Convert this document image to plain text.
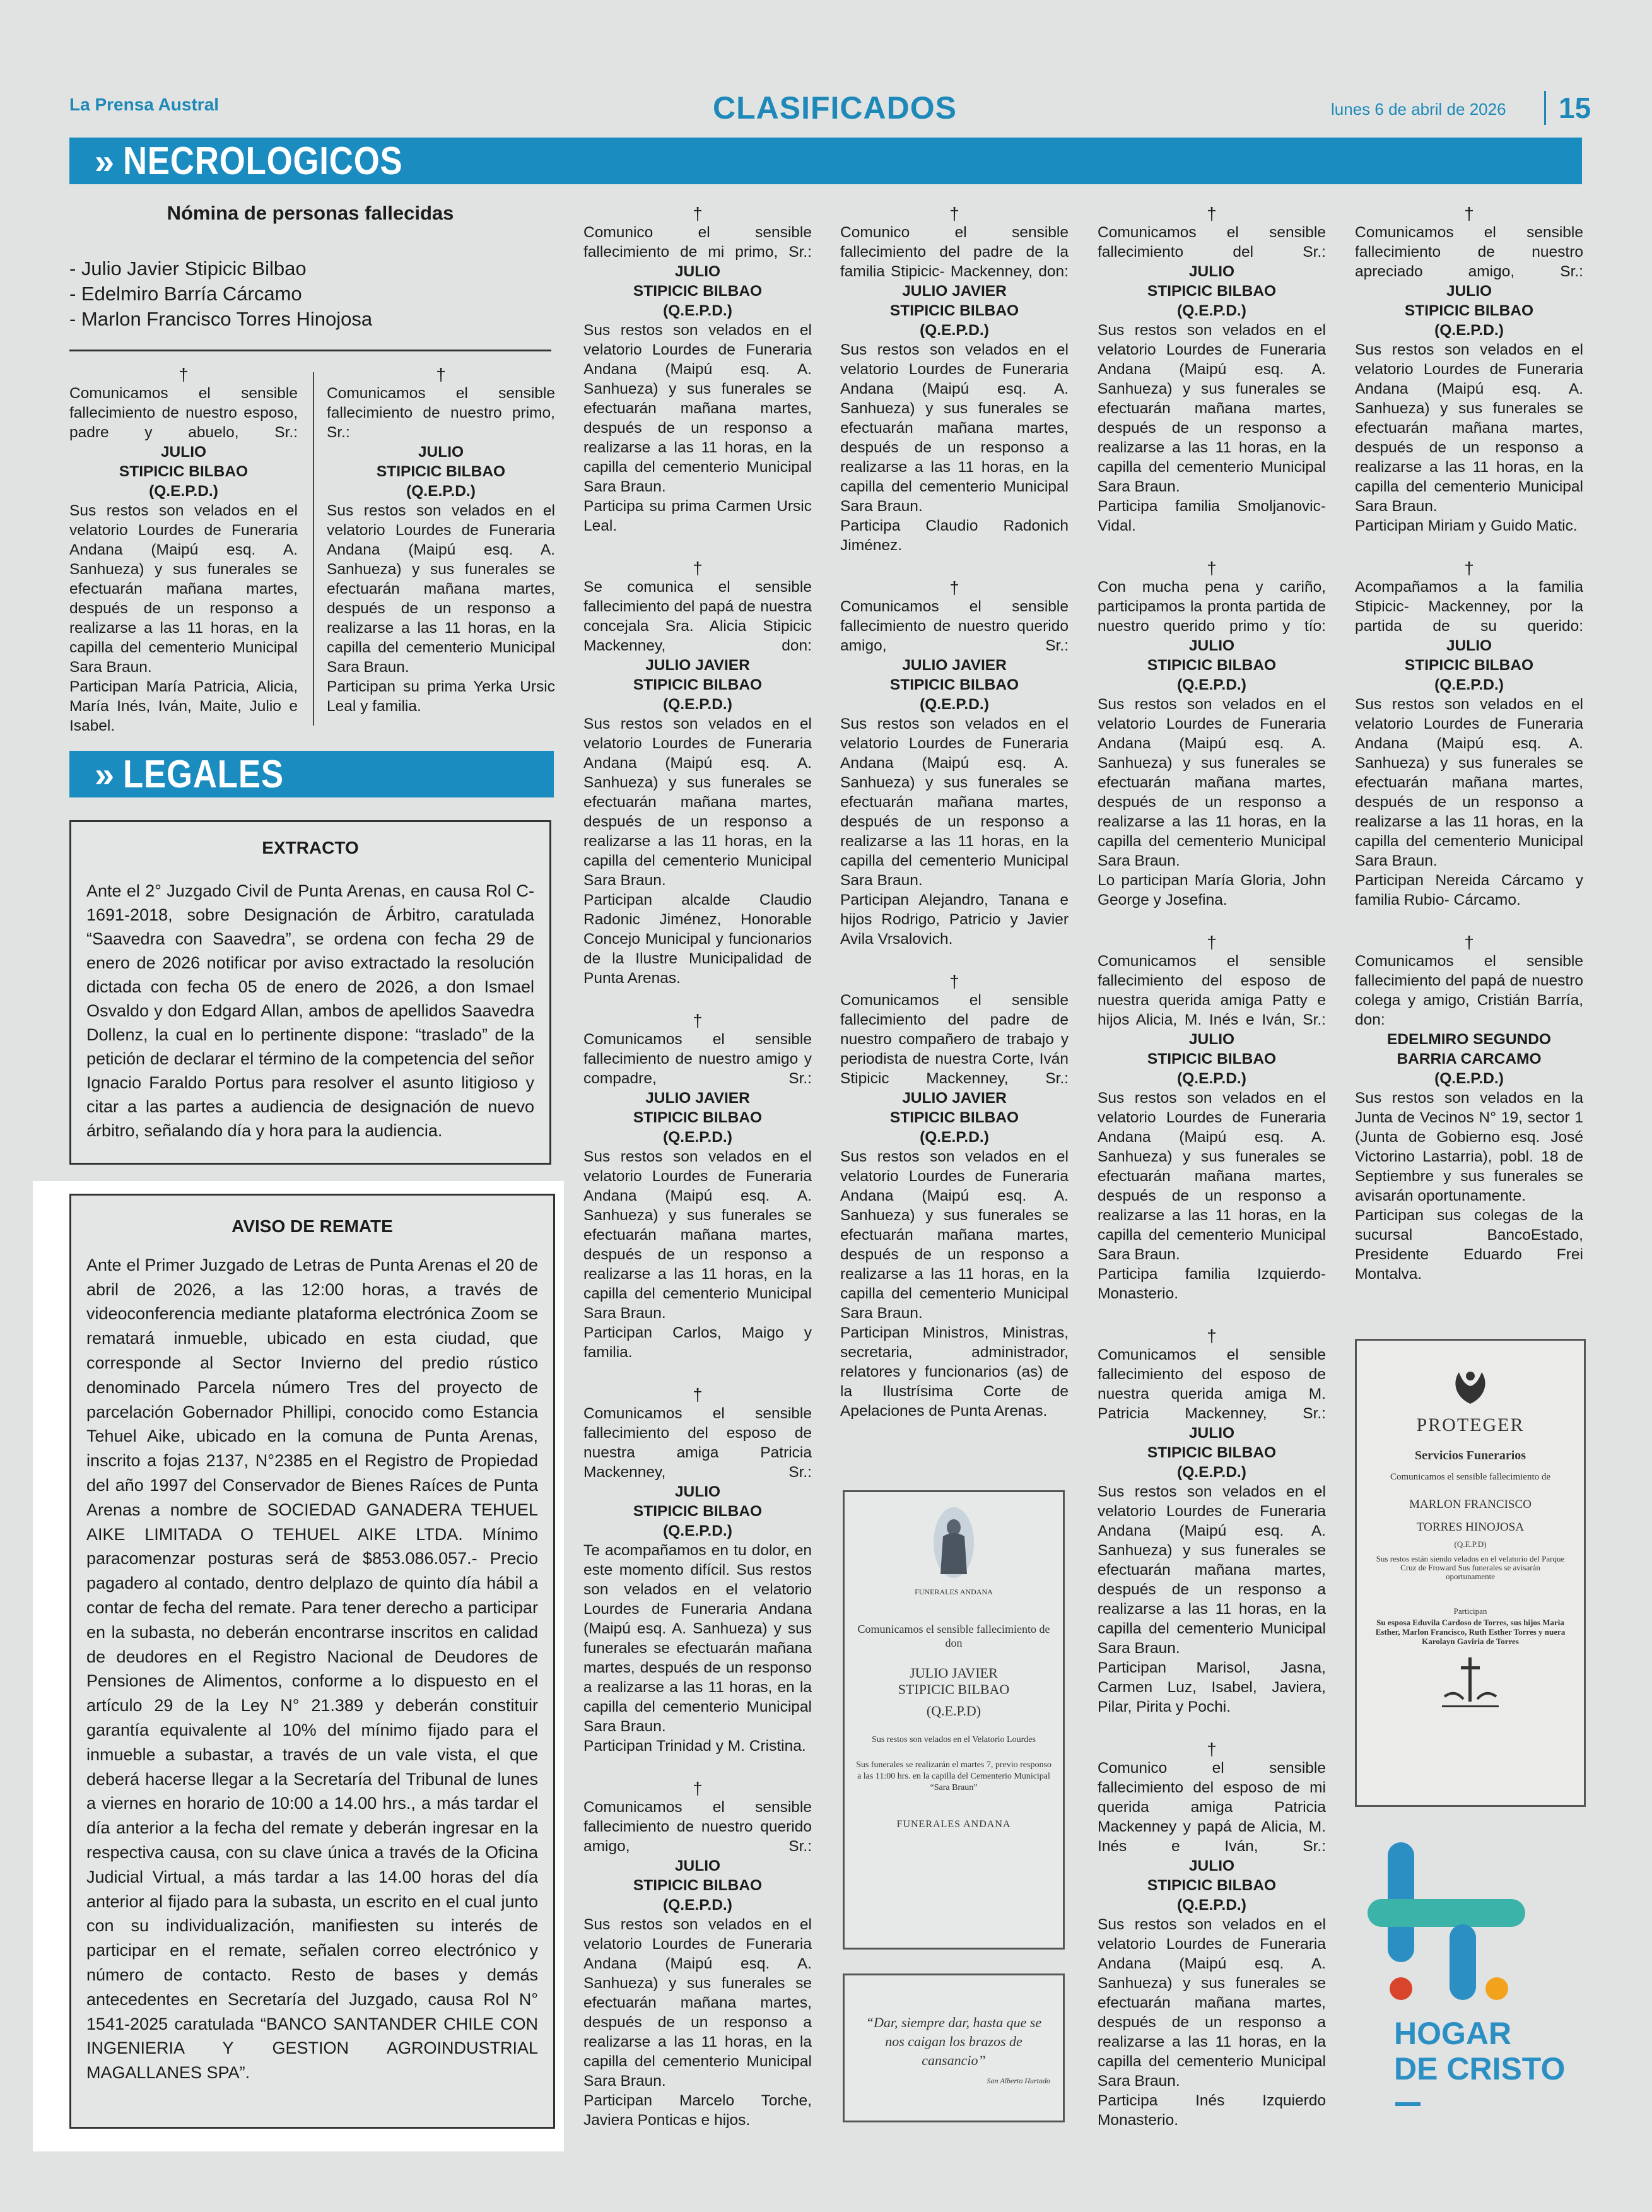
La Prensa Austral	CLASIFICADOS	lunes 6 de abril de 2026	15
» NECROLOGICOS
Nómina de personas fallecidas
- Julio Javier Stipicic Bilbao
- Edelmiro Barría Cárcamo
- Marlon Francisco Torres Hinojosa
†
Comunicamos el sensible fallecimiento de nuestro esposo, padre y abuelo, Sr.:
JULIO
STIPICIC BILBAO
(Q.E.P.D.)
Sus restos son velados en el velatorio Lourdes de Funeraria Andana (Maipú esq. A. Sanhueza) y sus funerales se efectuarán mañana martes, después de un responso a realizarse a las 11 horas, en la capilla del cementerio Municipal Sara Braun.
Participan María Patricia, Alicia, María Inés, Iván, Maite, Julio e Isabel.
†
Comunicamos el sensible fallecimiento de nuestro primo, Sr.:
JULIO
STIPICIC BILBAO
(Q.E.P.D.)
Sus restos son velados en el velatorio Lourdes de Funeraria Andana (Maipú esq. A. Sanhueza) y sus funerales se efectuarán mañana martes, después de un responso a realizarse a las 11 horas, en la capilla del cementerio Municipal Sara Braun.
Participan su prima Yerka Ursic Leal y familia.
» LEGALES
EXTRACTO

Ante el 2° Juzgado Civil de Punta Arenas, en causa Rol C-1691-2018, sobre Designación de Árbitro, caratulada “Saavedra con Saavedra”, se ordena con fecha 29 de enero de 2026 notificar por aviso extractado la resolución dictada con fecha 05 de enero de 2026, a don Ismael Osvaldo y don Edgard Allan, ambos de apellidos Saavedra Dollenz, la cual en lo pertinente dispone: “traslado” de la petición de declarar el término de la competencia del señor Ignacio Faraldo Portus para resolver el asunto litigioso y citar a las partes a audiencia de designación de nuevo árbitro, señalando día y hora para la audiencia.

AVISO DE REMATE

Ante el Primer Juzgado de Letras de Punta Arenas el 20 de abril de 2026, a las 12:00 horas, a través de videoconferencia mediante plataforma electrónica Zoom se rematará inmueble, ubicado en esta ciudad, que corresponde al Sector Invierno del predio rústico denominado Parcela número Tres del proyecto de parcelación Gobernador Phillipi, conocido como Estancia Tehuel Aike, ubicado en la comuna de Punta Arenas, inscrito a fojas 2137, N°2385 en el Registro de Propiedad del año 1997 del Conservador de Bienes Raíces de Punta Arenas a nombre de SOCIEDAD GANADERA TEHUEL AIKE LIMITADA O TEHUEL AIKE LTDA. Mínimo paracomenzar posturas será de $853.086.057.- Precio pagadero al contado, dentro delplazo de quinto día hábil a contar de fecha del remate. Para tener derecho a participar en la subasta, no deberán encontrarse inscritos en calidad de deudores en el Registro Nacional de Deudores de Pensiones de Alimentos, conforme a lo dispuesto en el artículo 29 de la Ley N° 21.389 y deberán constituir garantía equivalente al 10% del mínimo fijado para el inmueble a subastar, a través de un vale vista, el que deberá hacerse llegar a la Secretaría del Tribunal de lunes a viernes en horario de 10:00 a 14.00 hrs., a más tardar el día anterior a la fecha del remate y deberán ingresar en la respectiva causa, con su clave única a través de la Oficina Judicial Virtual, a más tardar a las 14.00 horas del día anterior al fijado para la subasta, un escrito en el cual junto con su individualización, manifiesten su interés de participar en el remate, señalen correo electrónico y número de contacto. Resto de bases y demás antecedentes en Secretaría del Juzgado, causa Rol N° 1541-2025 caratulada “BANCO SANTANDER CHILE CON INGENIERIA Y GESTION AGROINDUSTRIAL MAGALLANES SPA”.

†
Comunico el sensible fallecimiento de mi primo, Sr.:
JULIO
STIPICIC BILBAO
(Q.E.P.D.)
Sus restos son velados en el velatorio Lourdes de Funeraria Andana (Maipú esq. A. Sanhueza) y sus funerales se efectuarán mañana martes, después de un responso a realizarse a las 11 horas, en la capilla del cementerio Municipal Sara Braun.
Participa su prima Carmen Ursic Leal.
†
Se comunica el sensible fallecimiento del papá de nuestra concejala Sra. Alicia Stipicic Mackenney, don:
JULIO JAVIER
STIPICIC BILBAO
(Q.E.P.D.)
Sus restos son velados en el velatorio Lourdes de Funeraria Andana (Maipú esq. A. Sanhueza) y sus funerales se efectuarán mañana martes, después de un responso a realizarse a las 11 horas, en la capilla del cementerio Municipal Sara Braun.
Participan alcalde Claudio Radonic Jiménez, Honorable Concejo Municipal y funcionarios de la Ilustre Municipalidad de Punta Arenas.
†
Comunicamos el sensible fallecimiento de nuestro amigo y compadre, Sr.:
JULIO JAVIER
STIPICIC BILBAO
(Q.E.P.D.)
Sus restos son velados en el velatorio Lourdes de Funeraria Andana (Maipú esq. A. Sanhueza) y sus funerales se efectuarán mañana martes, después de un responso a realizarse a las 11 horas, en la capilla del cementerio Municipal Sara Braun.
Participan Carlos, Maigo y familia.
†
Comunicamos el sensible fallecimiento del esposo de nuestra amiga Patricia Mackenney, Sr.:
JULIO
STIPICIC BILBAO
(Q.E.P.D.)
Te acompañamos en tu dolor, en este momento difícil. Sus restos son velados en el velatorio Lourdes de Funeraria Andana (Maipú esq. A. Sanhueza) y sus funerales se efectuarán mañana martes, después de un responso a realizarse a las 11 horas, en la capilla del cementerio Municipal Sara Braun.
Participan Trinidad y M. Cristina.
†
Comunicamos el sensible fallecimiento de nuestro querido amigo, Sr.:
JULIO
STIPICIC BILBAO
(Q.E.P.D.)
Sus restos son velados en el velatorio Lourdes de Funeraria Andana (Maipú esq. A. Sanhueza) y sus funerales se efectuarán mañana martes, después de un responso a realizarse a las 11 horas, en la capilla del cementerio Municipal Sara Braun.
Participan Marcelo Torche, Javiera Ponticas e hijos.
†
Comunico el sensible fallecimiento del padre de la familia Stipicic- Mackenney, don:
JULIO JAVIER
STIPICIC BILBAO
(Q.E.P.D.)
Sus restos son velados en el velatorio Lourdes de Funeraria Andana (Maipú esq. A. Sanhueza) y sus funerales se efectuarán mañana martes, después de un responso a realizarse a las 11 horas, en la capilla del cementerio Municipal Sara Braun.
Participa Claudio Radonich Jiménez.
†
Comunicamos el sensible fallecimiento de nuestro querido amigo, Sr.:
JULIO JAVIER
STIPICIC BILBAO
(Q.E.P.D.)
Sus restos son velados en el velatorio Lourdes de Funeraria Andana (Maipú esq. A. Sanhueza) y sus funerales se efectuarán mañana martes, después de un responso a realizarse a las 11 horas, en la capilla del cementerio Municipal Sara Braun.
Participan Alejandro, Tanana e hijos Rodrigo, Patricio y Javier Avila Vrsalovich.
†
Comunicamos el sensible fallecimiento del padre de nuestro compañero de trabajo y periodista de nuestra Corte, Iván Stipicic Mackenney, Sr.:
JULIO JAVIER
STIPICIC BILBAO
(Q.E.P.D.)
Sus restos son velados en el velatorio Lourdes de Funeraria Andana (Maipú esq. A. Sanhueza) y sus funerales se efectuarán mañana martes, después de un responso a realizarse a las 11 horas, en la capilla del cementerio Municipal Sara Braun.
Participan Ministros, Ministras, secretaria, administrador, relatores y funcionarios (as) de la Ilustrísima Corte de Apelaciones de Punta Arenas.
FUNERALES ANDANA
Comunicamos el sensible fallecimiento de don
JULIO JAVIER
STIPICIC BILBAO
(Q.E.P.D)
Sus restos son velados en el Velatorio Lourdes
Sus funerales se realizarán el martes 7, previo responso a las 11:00 hrs. en la capilla del Cementerio Municipal “Sara Braun”
FUNERALES ANDANA
“Dar, siempre dar, hasta que se nos caigan los brazos de cansancio”
San Alberto Hurtado
†
Comunicamos el sensible fallecimiento del Sr.:
JULIO
STIPICIC BILBAO
(Q.E.P.D.)
Sus restos son velados en el velatorio Lourdes de Funeraria Andana (Maipú esq. A. Sanhueza) y sus funerales se efectuarán mañana martes, después de un responso a realizarse a las 11 horas, en la capilla del cementerio Municipal Sara Braun.
Participa familia Smoljanovic- Vidal.
†
Con mucha pena y cariño, participamos la pronta partida de nuestro querido primo y tío:
JULIO
STIPICIC BILBAO
(Q.E.P.D.)
Sus restos son velados en el velatorio Lourdes de Funeraria Andana (Maipú esq. A. Sanhueza) y sus funerales se efectuarán mañana martes, después de un responso a realizarse a las 11 horas, en la capilla del cementerio Municipal Sara Braun.
Lo participan María Gloria, John George y Josefina.
†
Comunicamos el sensible fallecimiento del esposo de nuestra querida amiga Patty e hijos Alicia, M. Inés e Iván, Sr.:
JULIO
STIPICIC BILBAO
(Q.E.P.D.)
Sus restos son velados en el velatorio Lourdes de Funeraria Andana (Maipú esq. A. Sanhueza) y sus funerales se efectuarán mañana martes, después de un responso a realizarse a las 11 horas, en la capilla del cementerio Municipal Sara Braun.
Participa familia Izquierdo- Monasterio.
†
Comunicamos el sensible fallecimiento del esposo de nuestra querida amiga M. Patricia Mackenney, Sr.:
JULIO
STIPICIC BILBAO
(Q.E.P.D.)
Sus restos son velados en el velatorio Lourdes de Funeraria Andana (Maipú esq. A. Sanhueza) y sus funerales se efectuarán mañana martes, después de un responso a realizarse a las 11 horas, en la capilla del cementerio Municipal Sara Braun.
Participan Marisol, Jasna, Carmen Luz, Isabel, Javiera, Pilar, Pirita y Pochi.
†
Comunico el sensible fallecimiento del esposo de mi querida amiga Patricia Mackenney y papá de Alicia, M. Inés e Iván, Sr.:
JULIO
STIPICIC BILBAO
(Q.E.P.D.)
Sus restos son velados en el velatorio Lourdes de Funeraria Andana (Maipú esq. A. Sanhueza) y sus funerales se efectuarán mañana martes, después de un responso a realizarse a las 11 horas, en la capilla del cementerio Municipal Sara Braun.
Participa Inés Izquierdo Monasterio.
†
Comunicamos el sensible fallecimiento de nuestro apreciado amigo, Sr.:
JULIO
STIPICIC BILBAO
(Q.E.P.D.)
Sus restos son velados en el velatorio Lourdes de Funeraria Andana (Maipú esq. A. Sanhueza) y sus funerales se efectuarán mañana martes, después de un responso a realizarse a las 11 horas, en la capilla del cementerio Municipal Sara Braun.
Participan Miriam y Guido Matic.
†
Acompañamos a la familia Stipicic- Mackenney, por la partida de su querido:
JULIO
STIPICIC BILBAO
(Q.E.P.D.)
Sus restos son velados en el velatorio Lourdes de Funeraria Andana (Maipú esq. A. Sanhueza) y sus funerales se efectuarán mañana martes, después de un responso a realizarse a las 11 horas, en la capilla del cementerio Municipal Sara Braun.
Participan Nereida Cárcamo y familia Rubio- Cárcamo.
†
Comunicamos el sensible fallecimiento del papá de nuestro colega y amigo, Cristián Barría, don:
EDELMIRO SEGUNDO
BARRIA CARCAMO
(Q.E.P.D.)
Sus restos son velados en la Junta de Vecinos N° 19, sector 1 (Junta de Gobierno esq. José Victorino Lastarria), pobl. 18 de Septiembre y sus funerales se avisarán oportunamente.
Participan sus colegas de la sucursal BancoEstado, Presidente Eduardo Frei Montalva.
PROTEGER
Servicios Funerarios
Comunicamos el sensible fallecimiento de
MARLON FRANCISCO
TORRES HINOJOSA
(Q.E.P.D)
Sus restos están siendo velados en el velatorio del Parque Cruz de Froward Sus funerales se avisarán oportunamente
Participan
Su esposa Eduvila Cardoso de Torres, sus hijos Maria Esther, Marlon Francisco, Ruth Esther Torres y nuera Karolayn Gaviria de Torres
HOGAR
DE CRISTO
